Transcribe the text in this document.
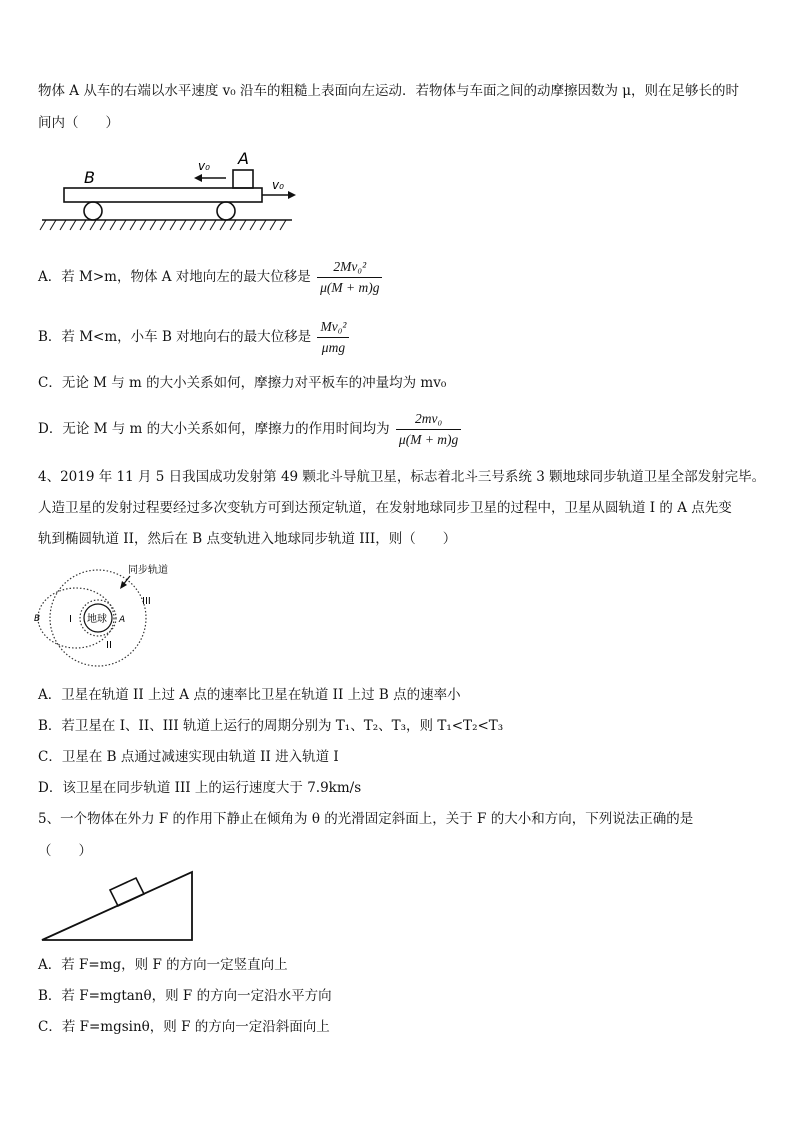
物体 A 从车的右端以水平速度 v₀ 沿车的粗糙上表面向左运动．若物体与车面之间的动摩擦因数为 μ，则在足够长的时
间内（　　）
B
A
v₀
v₀
A．若 M>m，物体 A 对地向左的最大位移是 $\frac{\text{2Mv₀²}}{\mu(M + m)g}$
B．若 M<m，小车 B 对地向右的最大位移是 $\frac{\text{Mv₀²}}{\text{μmg}}$
C．无论 M 与 m 的大小关系如何，摩擦力对平板车的冲量均为 mv₀
D．无论 M 与 m 的大小关系如何，摩擦力的作用时间均为 $\frac{\text{2mv₀}}{\mu(M + m)g}$
4、2019 年 11 月 5 日我国成功发射第 49 颗北斗导航卫星，标志着北斗三号系统 3 颗地球同步轨道卫星全部发射完毕。
人造卫星的发射过程要经过多次变轨方可到达预定轨道，在发射地球同步卫星的过程中，卫星从圆轨道 I 的 A 点先变
轨到椭圆轨道 II，然后在 B 点变轨进入地球同步轨道 III，则（　　）
同步轨道
地球
I
II
III
A
B
A．卫星在轨道 II 上过 A 点的速率比卫星在轨道 II 上过 B 点的速率小
B．若卫星在 I、II、III 轨道上运行的周期分别为 T₁、T₂、T₃，则 T₁<T₂<T₃
C．卫星在 B 点通过减速实现由轨道 II 进入轨道 I
D．该卫星在同步轨道 III 上的运行速度大于 7.9km/s
5、一个物体在外力 F 的作用下静止在倾角为 θ 的光滑固定斜面上，关于 F 的大小和方向，下列说法正确的是
（　　）
A．若 F=mg，则 F 的方向一定竖直向上
B．若 F=mgtanθ，则 F 的方向一定沿水平方向
C．若 F=mgsinθ，则 F 的方向一定沿斜面向上
